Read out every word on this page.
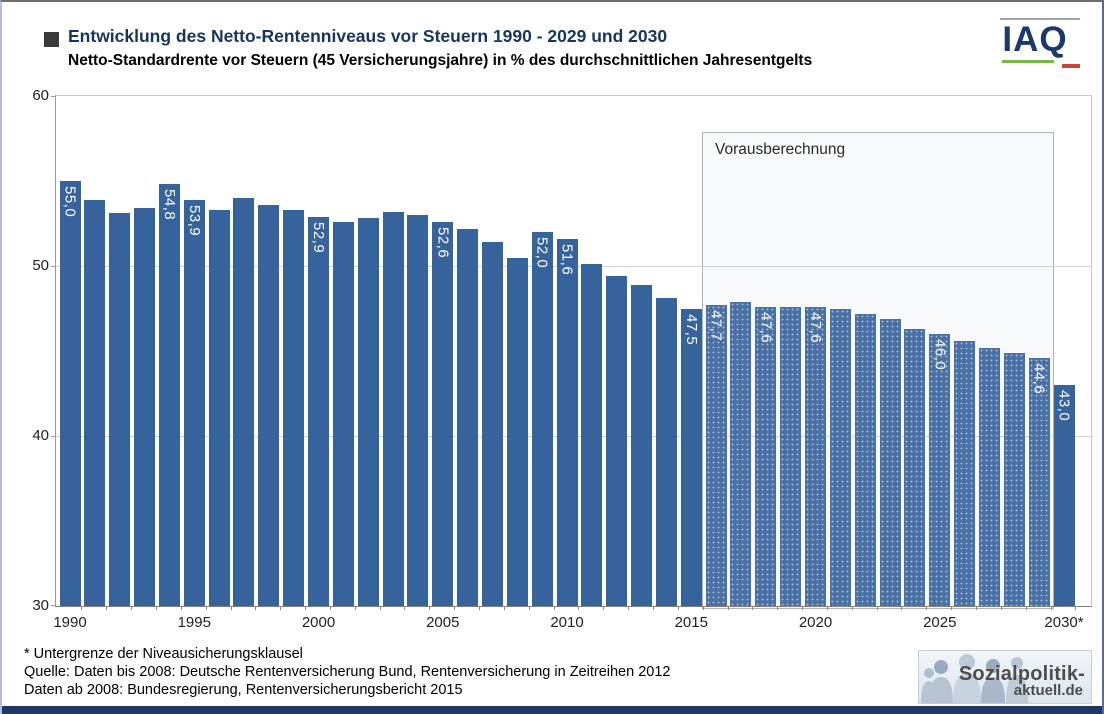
Entwicklung des Netto-Rentenniveaus vor Steuern 1990 - 2029 und 2030
Netto-Standardrente vor Steuern (45 Versicherungsjahre) in % des durchschnittlichen Jahresentgelts
IAQ
Vorausberechnung
60
50
40
30
55,0	54,8 53,9
52,9	52,6	52,0 51,6
47,5 47,7 47,6 47,6
46,0
44,6
43,0
1990	1995	2000	2005	2010	2015	2020	2025	2030*
* Untergrenze der Niveausicherungsklausel
Quelle: Daten bis 2008: Deutsche Rentenversicherung Bund, Rentenversicherung in Zeitreihen 2012
Daten ab 2008: Bundesregierung, Rentenversicherungsbericht 2015
Sozialpolitik-
aktuell.de
